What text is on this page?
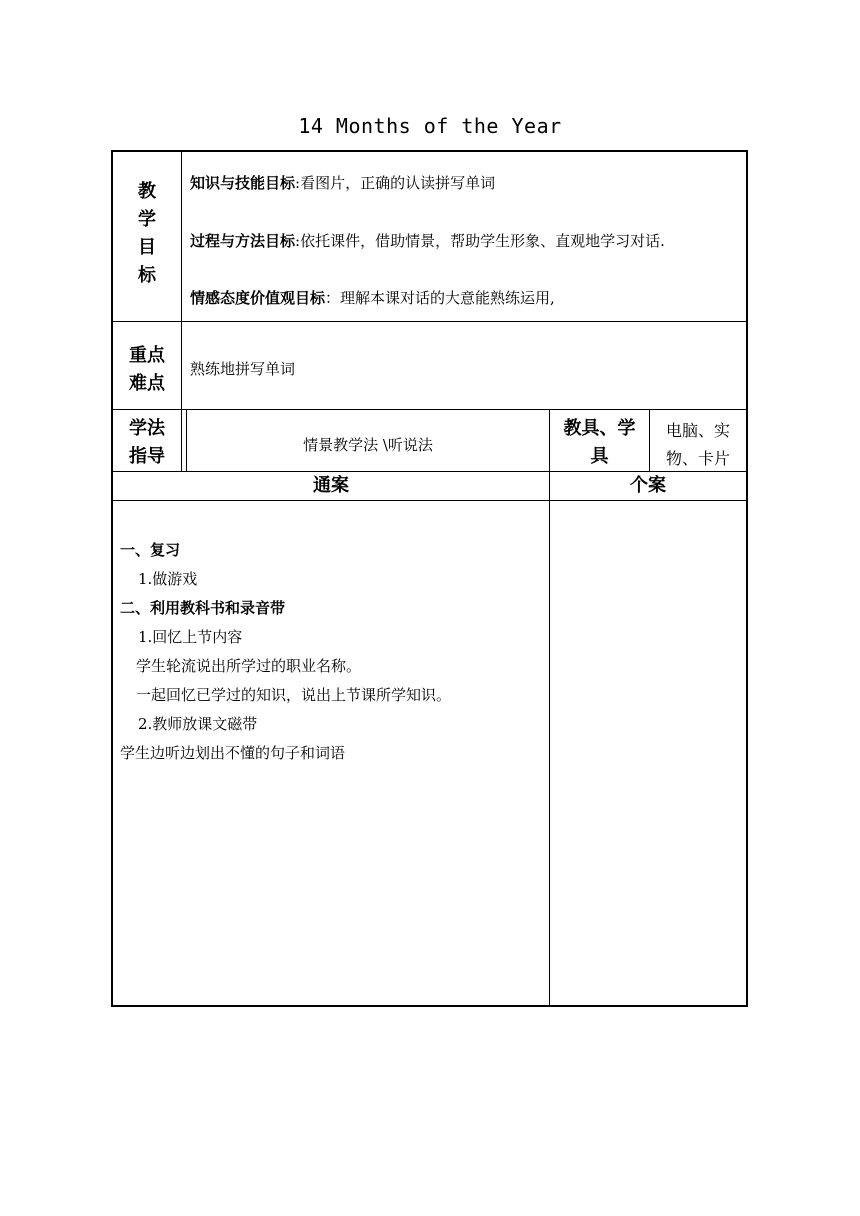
14 Months of the Year
教
学
目
标
知识与技能目标:看图片，正确的认读拼写单词
过程与方法目标:依托课件，借助情景，帮助学生形象、直观地学习对话.
情感态度价值观目标：理解本课对话的大意能熟练运用,
重点
难点
熟练地拼写单词
学法
指导
情景教学法 \听说法
教具、学
具
电脑、实
物、卡片
通案	个案
一、复习
1.做游戏
二、利用教科书和录音带
1.回忆上节内容
学生轮流说出所学过的职业名称。
一起回忆已学过的知识，说出上节课所学知识。
2.教师放课文磁带
学生边听边划出不懂的句子和词语
